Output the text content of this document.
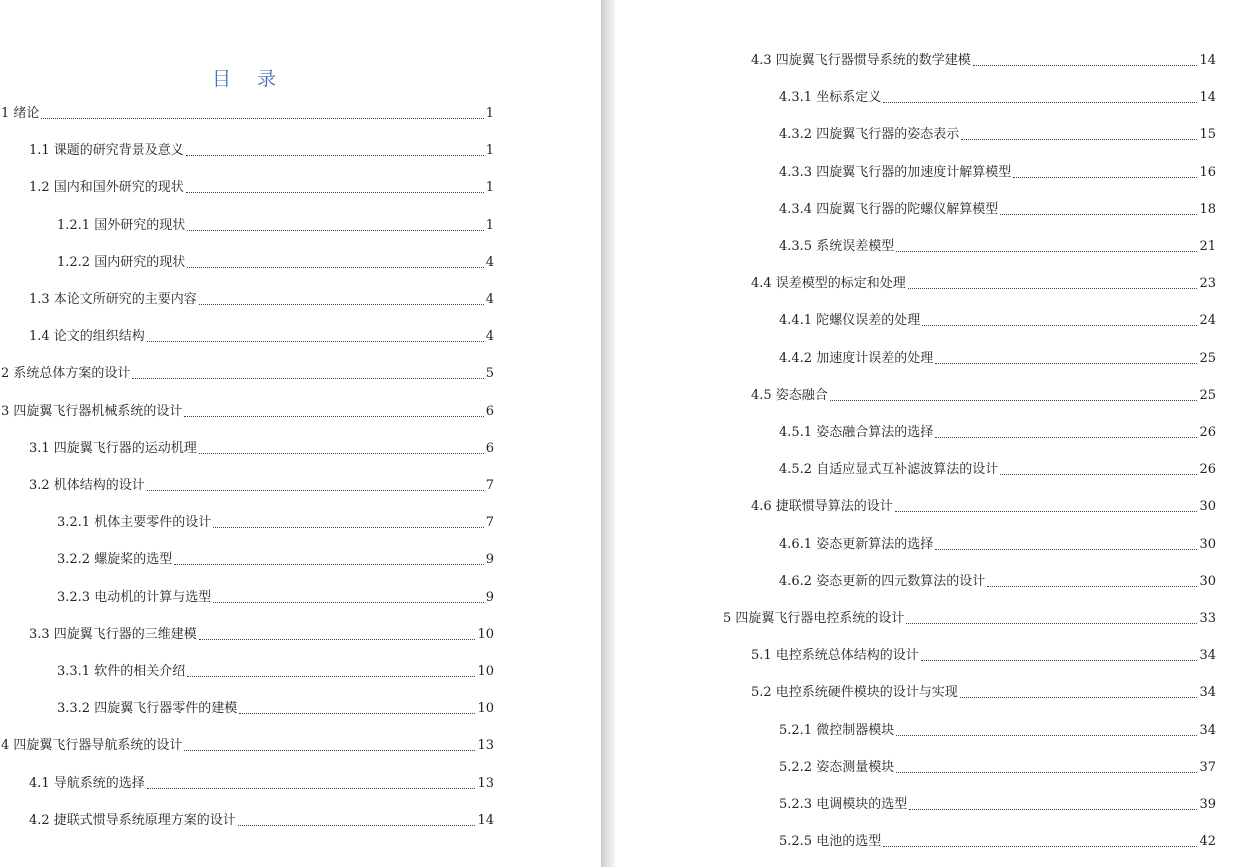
目 录
1 绪论	1
1.1 课题的研究背景及意义	1
1.2 国内和国外研究的现状	1
1.2.1 国外研究的现状	1
1.2.2 国内研究的现状	4
1.3 本论文所研究的主要内容	4
1.4 论文的组织结构	4
2 系统总体方案的设计	5
3 四旋翼飞行器机械系统的设计	6
3.1 四旋翼飞行器的运动机理	6
3.2 机体结构的设计	7
3.2.1 机体主要零件的设计	7
3.2.2 螺旋桨的选型	9
3.2.3 电动机的计算与选型	9
3.3 四旋翼飞行器的三维建模	10
3.3.1 软件的相关介绍	10
3.3.2 四旋翼飞行器零件的建模	10
4 四旋翼飞行器导航系统的设计	13
4.1 导航系统的选择	13
4.2 捷联式惯导系统原理方案的设计	14
4.3 四旋翼飞行器惯导系统的数学建模	14
4.3.1 坐标系定义	14
4.3.2 四旋翼飞行器的姿态表示	15
4.3.3 四旋翼飞行器的加速度计解算模型	16
4.3.4 四旋翼飞行器的陀螺仪解算模型	18
4.3.5 系统误差模型	21
4.4 误差模型的标定和处理	23
4.4.1 陀螺仪误差的处理	24
4.4.2 加速度计误差的处理	25
4.5 姿态融合	25
4.5.1 姿态融合算法的选择	26
4.5.2 自适应显式互补滤波算法的设计	26
4.6 捷联惯导算法的设计	30
4.6.1 姿态更新算法的选择	30
4.6.2 姿态更新的四元数算法的设计	30
5 四旋翼飞行器电控系统的设计	33
5.1 电控系统总体结构的设计	34
5.2 电控系统硬件模块的设计与实现	34
5.2.1 微控制器模块	34
5.2.2 姿态测量模块	37
5.2.3 电调模块的选型	39
5.2.5 电池的选型	42
